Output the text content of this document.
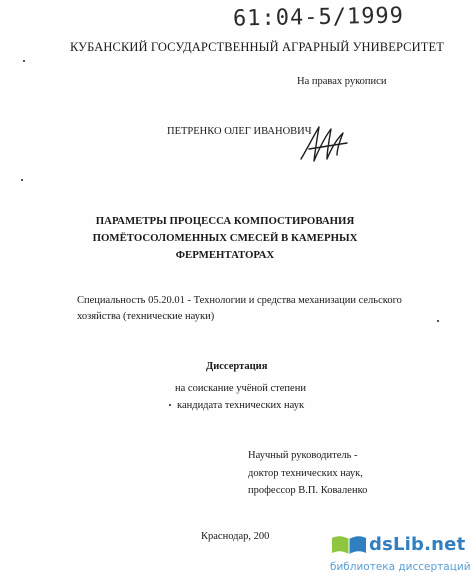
61:04-5/1999
КУБАНСКИЙ ГОСУДАРСТВЕННЫЙ АГРАРНЫЙ УНИВЕРСИТЕТ
На правах рукописи
ПЕТРЕНКО ОЛЕГ ИВАНОВИЧ
ПАРАМЕТРЫ ПРОЦЕССА КОМПОСТИРОВАНИЯ
ПОМЁТОСОЛОМЕННЫХ СМЕСЕЙ В КАМЕРНЫХ
ФЕРМЕНТАТОРАХ
Специальность 05.20.01 - Технологии и средства механизации сельского
хозяйства (технические науки)
Диссертация
на соискание учёной степени
кандидата технических наук
Научный руководитель -
доктор технических наук,
профессор В.П. Коваленко
Краснодар, 200	dsLib.net
библиотека диссертаций
